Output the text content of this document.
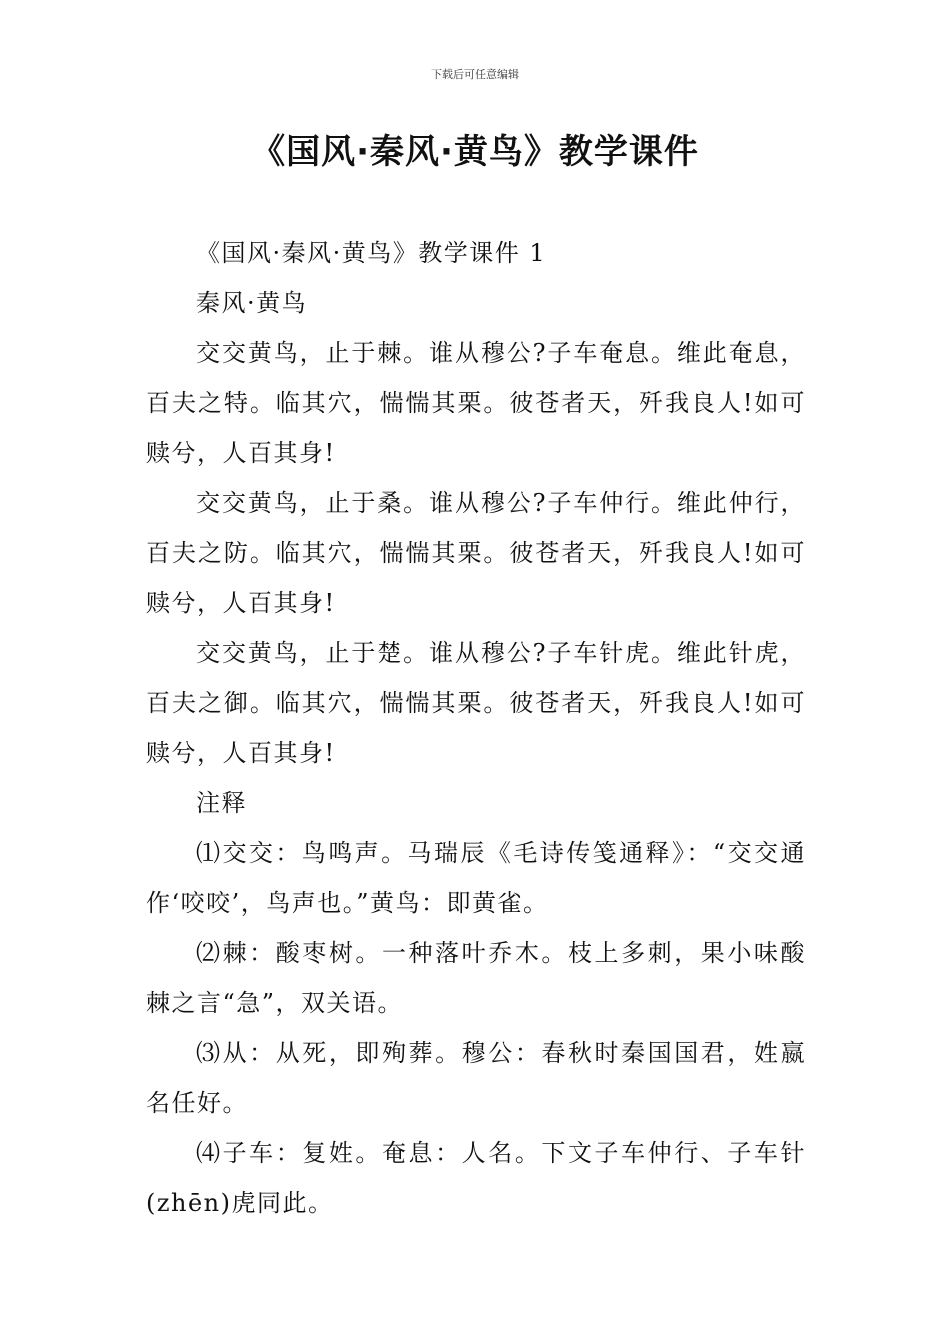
下载后可任意编辑
《国风·秦风·黄鸟》教学课件

《国风·秦风·黄鸟》教学课件 1

秦风·黄鸟

交交黄鸟，止于棘。谁从穆公?子车奄息。维此奄息，百夫之特。临其穴，惴惴其栗。彼苍者天，歼我良人!如可赎兮，人百其身!

交交黄鸟，止于桑。谁从穆公?子车仲行。维此仲行，百夫之防。临其穴，惴惴其栗。彼苍者天，歼我良人!如可赎兮，人百其身!

交交黄鸟，止于楚。谁从穆公?子车针虎。维此针虎，百夫之御。临其穴，惴惴其栗。彼苍者天，歼我良人!如可赎兮，人百其身!

注释

⑴交交：鸟鸣声。马瑞辰《毛诗传笺通释》：“交交通作‘咬咬’，鸟声也。”黄鸟：即黄雀。

⑵棘：酸枣树。一种落叶乔木。枝上多刺，果小味酸棘之言“急”，双关语。

⑶从：从死，即殉葬。穆公：春秋时秦国国君，姓嬴名任好。

⑷子车：复姓。奄息：人名。下文子车仲行、子车针(zhēn)虎同此。
